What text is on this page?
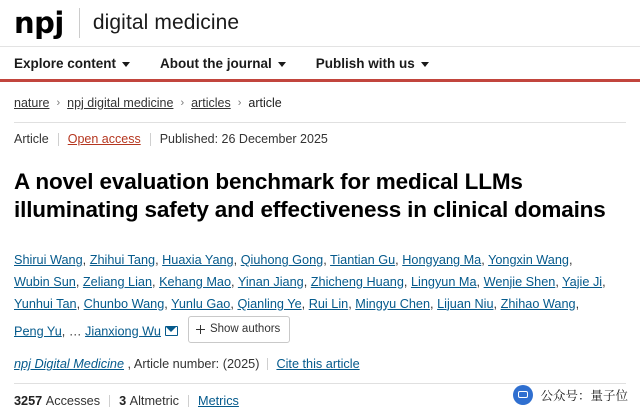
npj digital medicine
Explore content	About the journal	Publish with us
nature › npj digital medicine › articles › article
Article Open access Published: 26 December 2025
A novel evaluation benchmark for medical LLMs illuminating safety and effectiveness in clinical domains
Shirui Wang, Zhihui Tang, Huaxia Yang, Qiuhong Gong, Tiantian Gu, Hongyang Ma, Yongxin Wang, Wubin Sun, Zeliang Lian, Kehang Mao, Yinan Jiang, Zhicheng Huang, Lingyun Ma, Wenjie Shen, Yajie Ji, Yunhui Tan, Chunbo Wang, Yunlu Gao, Qianling Ye, Rui Lin, Mingyu Chen, Lijuan Niu, Zhihao Wang, Peng Yu, … Jianxiong Wu	Show authors
npj Digital Medicine , Article number: (2025) Cite this article
3257
Accesses 3
Altmetric Metrics	公众号：量子位
